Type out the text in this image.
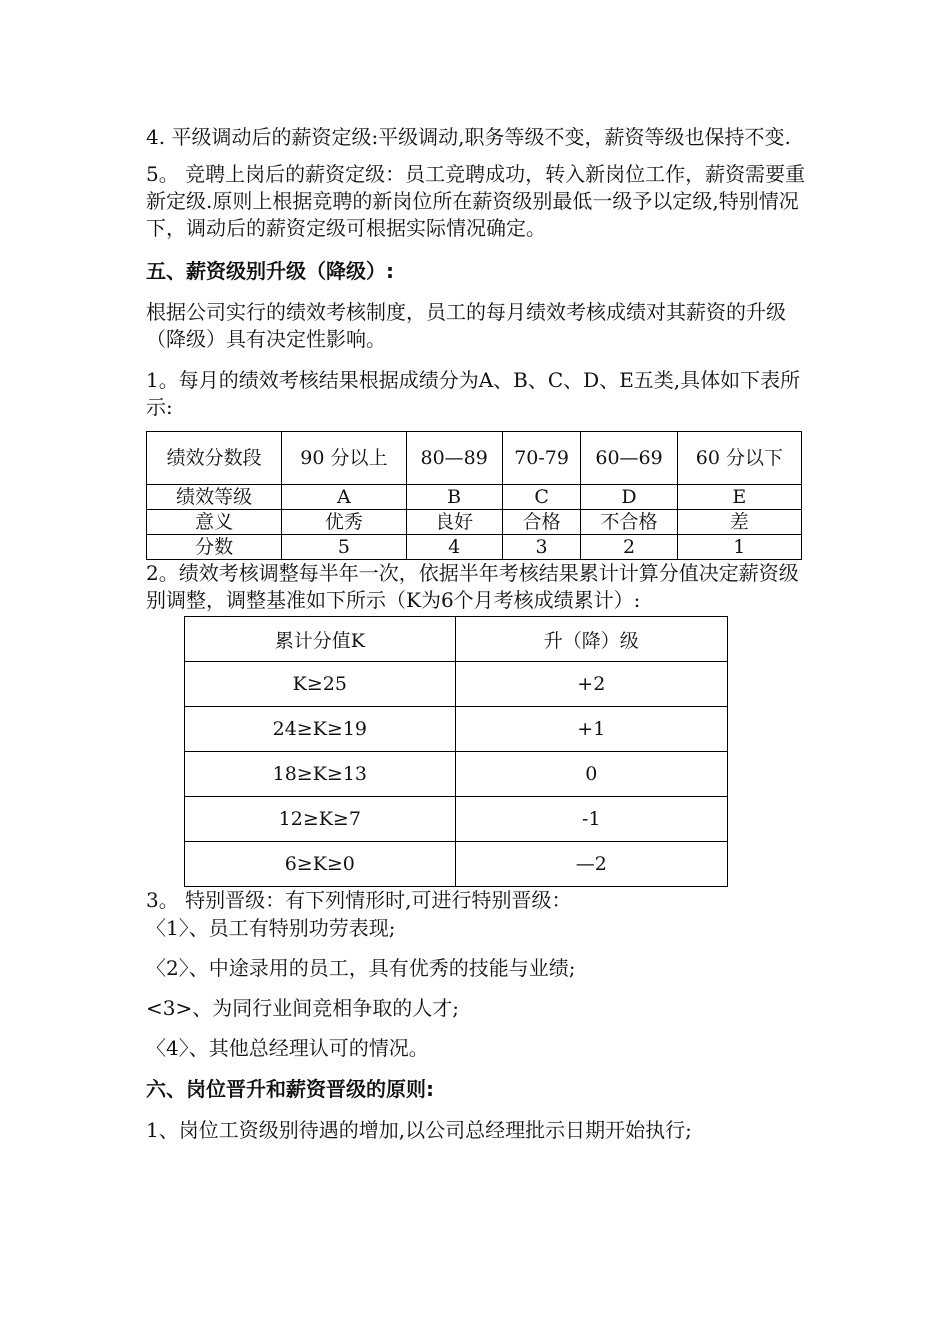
4. 平级调动后的薪资定级:平级调动,职务等级不变，薪资等级也保持不变.

5。 竞聘上岗后的薪资定级：员工竞聘成功，转入新岗位工作，薪资需要重新定级.原则上根据竞聘的新岗位所在薪资级别最低一级予以定级,特别情况下，调动后的薪资定级可根据实际情况确定。

五、薪资级别升级（降级）:

根据公司实行的绩效考核制度，员工的每月绩效考核成绩对其薪资的升级（降级）具有决定性影响。

1。每月的绩效考核结果根据成绩分为A、B、C、D、E五类,具体如下表所示:

绩效分数段	90 分以上	80—89	70-79	60—69	60 分以下
绩效等级	A	B	C	D	E
意义	优秀	良好	合格	不合格	差
分数	5	4	3	2	1

2。绩效考核调整每半年一次，依据半年考核结果累计计算分值决定薪资级别调整，调整基准如下所示（K为6个月考核成绩累计）:

累计分值K	升（降）级
K≥25	+2
24≥K≥19	+1
18≥K≥13	0
12≥K≥7	-1
6≥K≥0	—2

3。 特别晋级：有下列情形时,可进行特别晋级：

〈1〉、员工有特别功劳表现;

〈2〉、中途录用的员工，具有优秀的技能与业绩;

<3>、为同行业间竞相争取的人才;

〈4〉、其他总经理认可的情况。

六、岗位晋升和薪资晋级的原则:

1、岗位工资级别待遇的增加,以公司总经理批示日期开始执行;
